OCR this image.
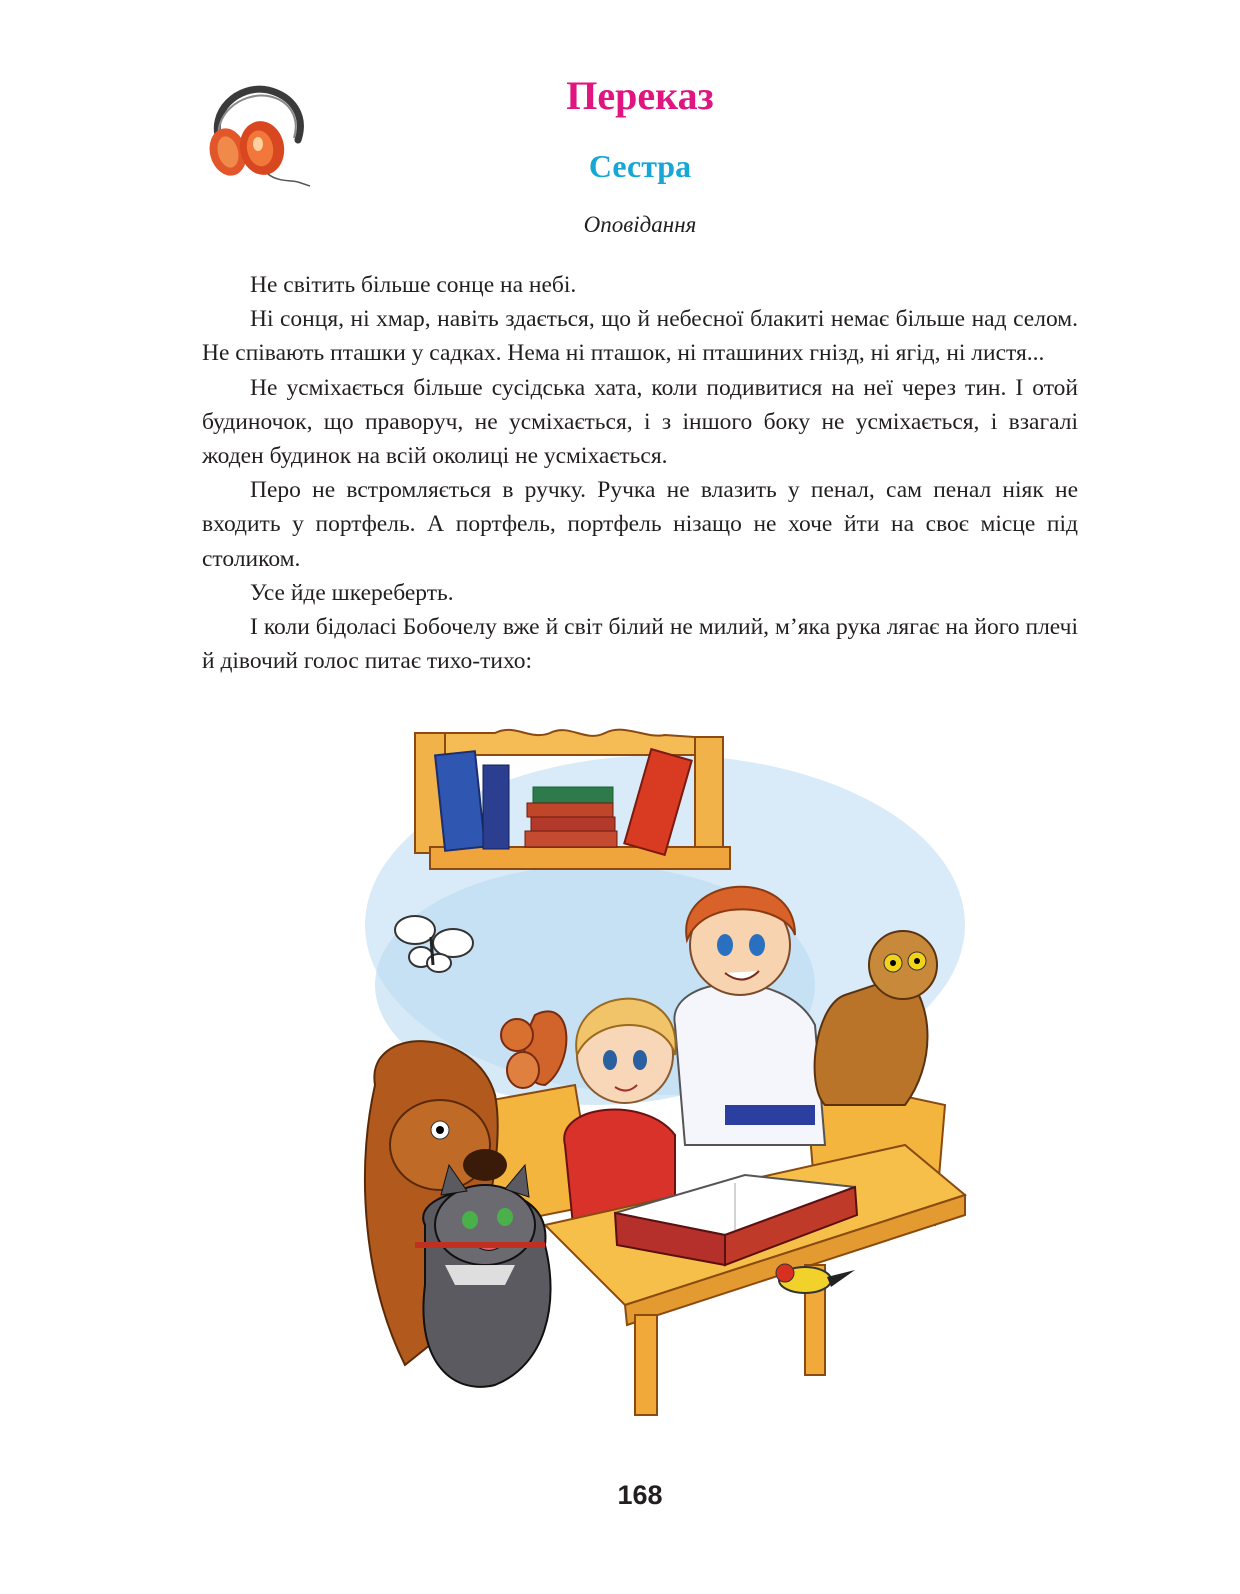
Переказ
Сестра
Оповідання

Не світить більше сонце на небі.

Ні сонця, ні хмар, навіть здається, що й небесної блакиті немає більше над селом. Не співають пташки у садках. Нема ні пташок, ні пташиних гнізд, ні ягід, ні листя...

Не усміхається більше сусідська хата, коли подивитися на неї через тин. І отой будиночок, що праворуч, не усміхається, і з іншого боку не усміхається, і взагалі жоден будинок на всій околиці не усміхається.

Перо не встромляється в ручку. Ручка не влазить у пенал, сам пенал ніяк не входить у портфель. А портфель, портфель нізащо не хоче йти на своє місце під столиком.

Усе йде шкереберть.

І коли бідоласі Бобочелу вже й світ білий не милий, м’яка рука лягає на його плечі й дівочий голос питає тихо-тихо:

168
